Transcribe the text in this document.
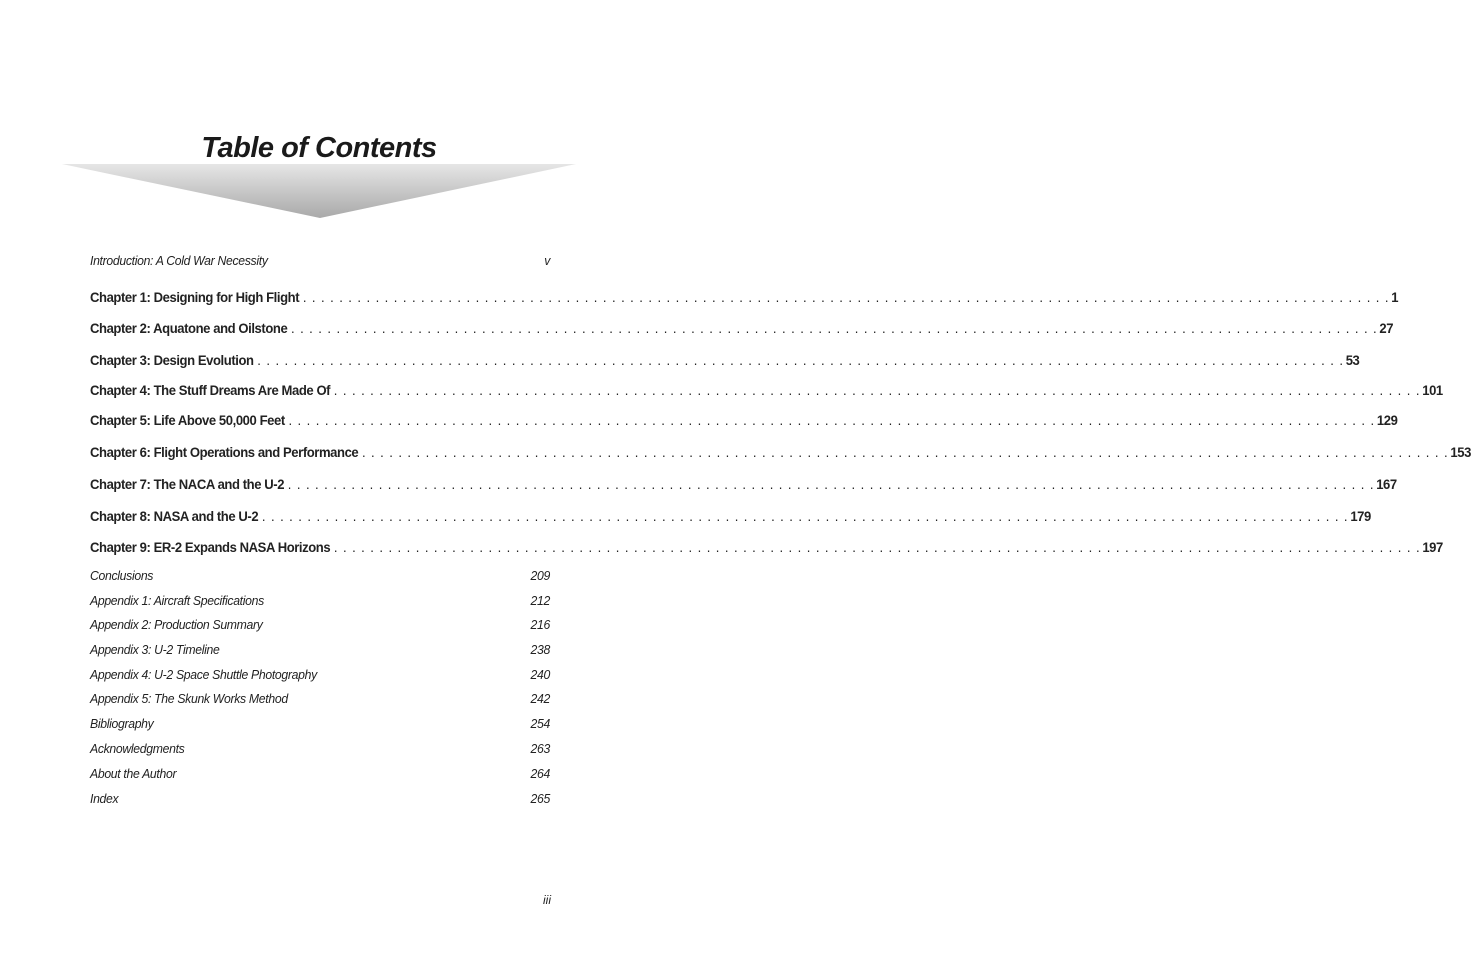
Table of Contents
Introduction: A Cold War Necessity	v
Chapter 1: Designing for High Flight . . . . . . . . . . . . . . . . . . . . . . . . . . . . . . . . . . . . . . . . . . . . . . . . . . . . . . . . . . . . . . . . . . . . . . . . . . . . . . . . . . . . . . . . . . . . . . . . . . . . . . . . . . . . . . . . . . . . . . . . 1
Chapter 2: Aquatone and Oilstone . . . . . . . . . . . . . . . . . . . . . . . . . . . . . . . . . . . . . . . . . . . . . . . . . . . . . . . . . . . . . . . . . . . . . . . . . . . . . . . . . . . . . . . . . . . . . . . . . . . . . . . . . . . . . . . . . . . . . . . . 27
Chapter 3: Design Evolution . . . . . . . . . . . . . . . . . . . . . . . . . . . . . . . . . . . . . . . . . . . . . . . . . . . . . . . . . . . . . . . . . . . . . . . . . . . . . . . . . . . . . . . . . . . . . . . . . . . . . . . . . . . . . . . . . . . . . . . . 53
Chapter 4: The Stuff Dreams Are Made Of . . . . . . . . . . . . . . . . . . . . . . . . . . . . . . . . . . . . . . . . . . . . . . . . . . . . . . . . . . . . . . . . . . . . . . . . . . . . . . . . . . . . . . . . . . . . . . . . . . . . . . . . . . . . . . . . . . . . . . . . 101
Chapter 5: Life Above 50,000 Feet . . . . . . . . . . . . . . . . . . . . . . . . . . . . . . . . . . . . . . . . . . . . . . . . . . . . . . . . . . . . . . . . . . . . . . . . . . . . . . . . . . . . . . . . . . . . . . . . . . . . . . . . . . . . . . . . . . . . . . . . 129
Chapter 6: Flight Operations and Performance . . . . . . . . . . . . . . . . . . . . . . . . . . . . . . . . . . . . . . . . . . . . . . . . . . . . . . . . . . . . . . . . . . . . . . . . . . . . . . . . . . . . . . . . . . . . . . . . . . . . . . . . . . . . . . . . . . . . . . . . 153
Chapter 7: The NACA and the U-2 . . . . . . . . . . . . . . . . . . . . . . . . . . . . . . . . . . . . . . . . . . . . . . . . . . . . . . . . . . . . . . . . . . . . . . . . . . . . . . . . . . . . . . . . . . . . . . . . . . . . . . . . . . . . . . . . . . . . . . . . 167
Chapter 8: NASA and the U-2 . . . . . . . . . . . . . . . . . . . . . . . . . . . . . . . . . . . . . . . . . . . . . . . . . . . . . . . . . . . . . . . . . . . . . . . . . . . . . . . . . . . . . . . . . . . . . . . . . . . . . . . . . . . . . . . . . . . . . . . . 179
Chapter 9: ER-2 Expands NASA Horizons . . . . . . . . . . . . . . . . . . . . . . . . . . . . . . . . . . . . . . . . . . . . . . . . . . . . . . . . . . . . . . . . . . . . . . . . . . . . . . . . . . . . . . . . . . . . . . . . . . . . . . . . . . . . . . . . . . . . . . . . 197
Conclusions	209
Appendix 1: Aircraft Specifications	212
Appendix 2: Production Summary	216
Appendix 3: U-2 Timeline	238
Appendix 4: U-2 Space Shuttle Photography	240
Appendix 5: The Skunk Works Method	242
Bibliography	254
Acknowledgments	263
About the Author	264
Index	265
iii
